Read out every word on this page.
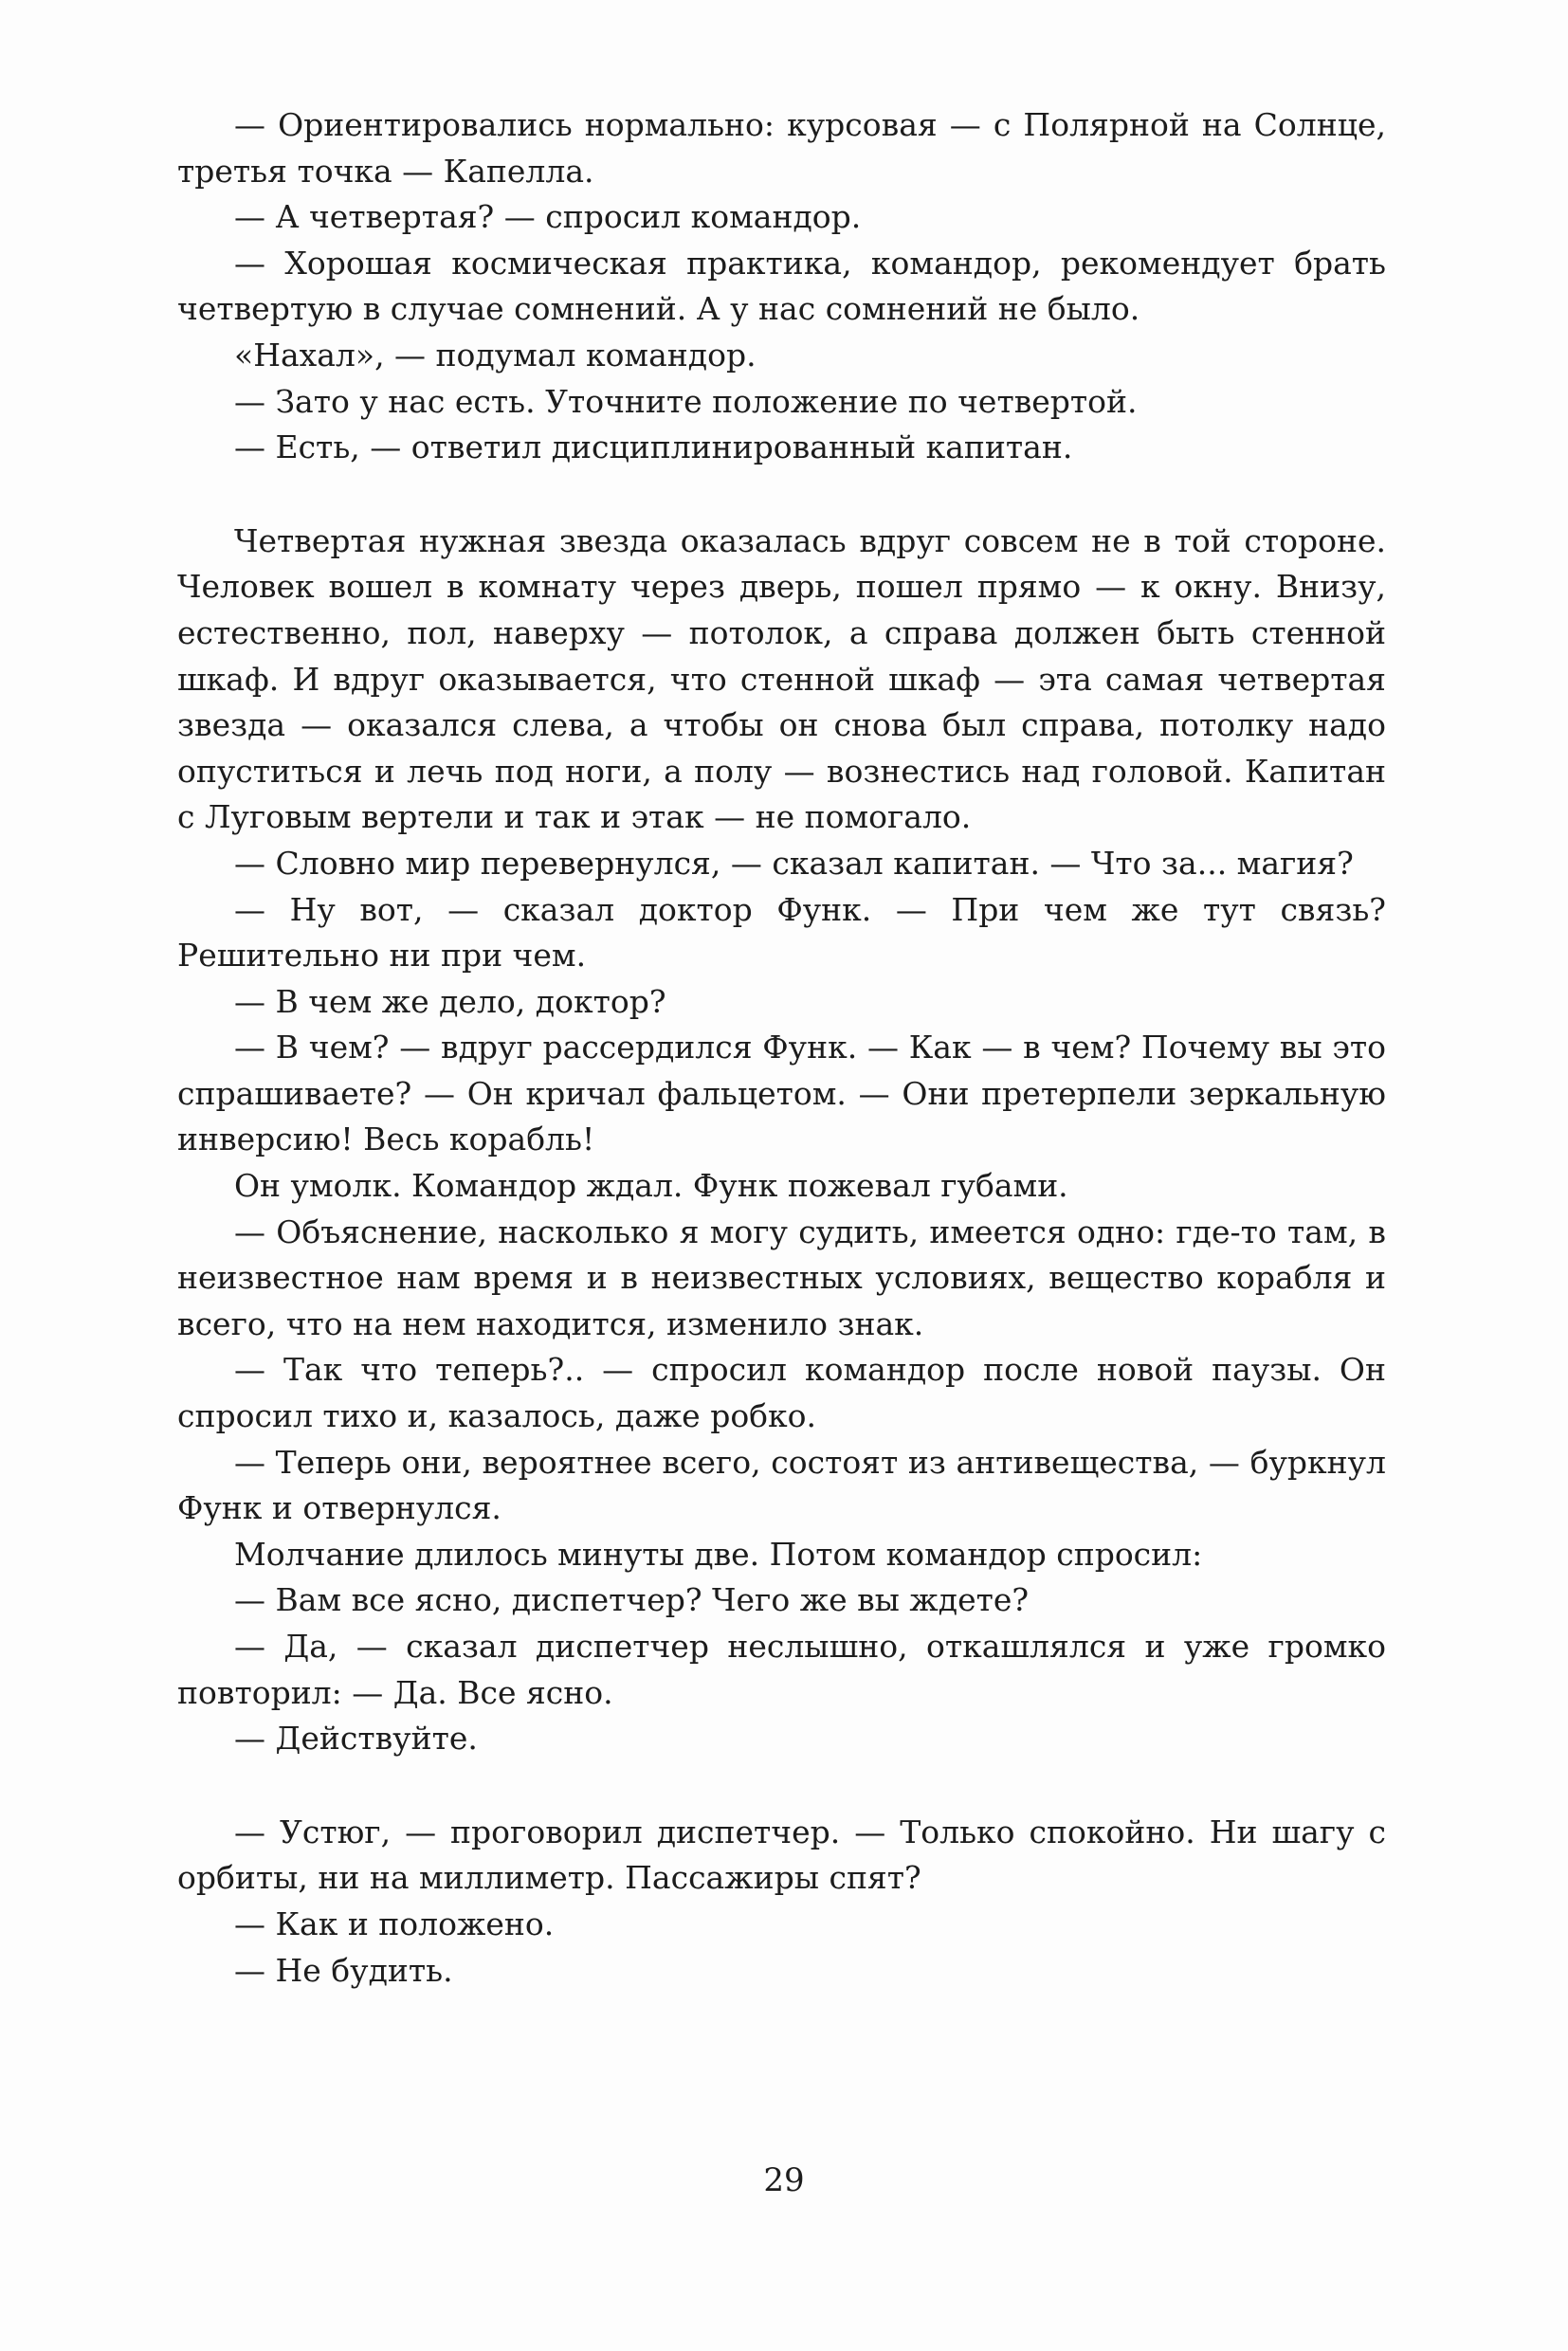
— Ориентировались нормально: курсовая — с Полярной на Солнце, третья точка — Капелла.

— А четвертая? — спросил командор.

— Хорошая космическая практика, командор, рекомендует брать четвертую в случае сомнений. А у нас сомнений не было.

«Нахал», — подумал командор.

— Зато у нас есть. Уточните положение по четвертой.

— Есть, — ответил дисциплинированный капитан.

Четвертая нужная звезда оказалась вдруг совсем не в той стороне. Человек вошел в комнату через дверь, пошел прямо — к окну. Внизу, естественно, пол, наверху — потолок, а справа должен быть стенной шкаф. И вдруг оказывается, что стенной шкаф — эта самая четвертая звезда — оказался слева, а чтобы он снова был справа, потолку надо опуститься и лечь под ноги, а полу — вознестись над головой. Капитан с Луговым вертели и так и этак — не помогало.

— Словно мир перевернулся, — сказал капитан. — Что за... магия?

— Ну вот, — сказал доктор Функ. — При чем же тут связь? Решительно ни при чем.

— В чем же дело, доктор?

— В чем? — вдруг рассердился Функ. — Как — в чем? Почему вы это спрашиваете? — Он кричал фальцетом. — Они претерпели зеркальную инверсию! Весь корабль!

Он умолк. Командор ждал. Функ пожевал губами.

— Объяснение, насколько я могу судить, имеется одно: где-то там, в неизвестное нам время и в неизвестных условиях, вещество корабля и всего, что на нем находится, изменило знак.

— Так что теперь?.. — спросил командор после новой паузы. Он спросил тихо и, казалось, даже робко.

— Теперь они, вероятнее всего, состоят из антивещества, — буркнул Функ и отвернулся.

Молчание длилось минуты две. Потом командор спросил:

— Вам все ясно, диспетчер? Чего же вы ждете?

— Да, — сказал диспетчер неслышно, откашлялся и уже громко повторил: — Да. Все ясно.

— Действуйте.

— Устюг, — проговорил диспетчер. — Только спокойно. Ни шагу с орбиты, ни на миллиметр. Пассажиры спят?

— Как и положено.

— Не будить.

29
